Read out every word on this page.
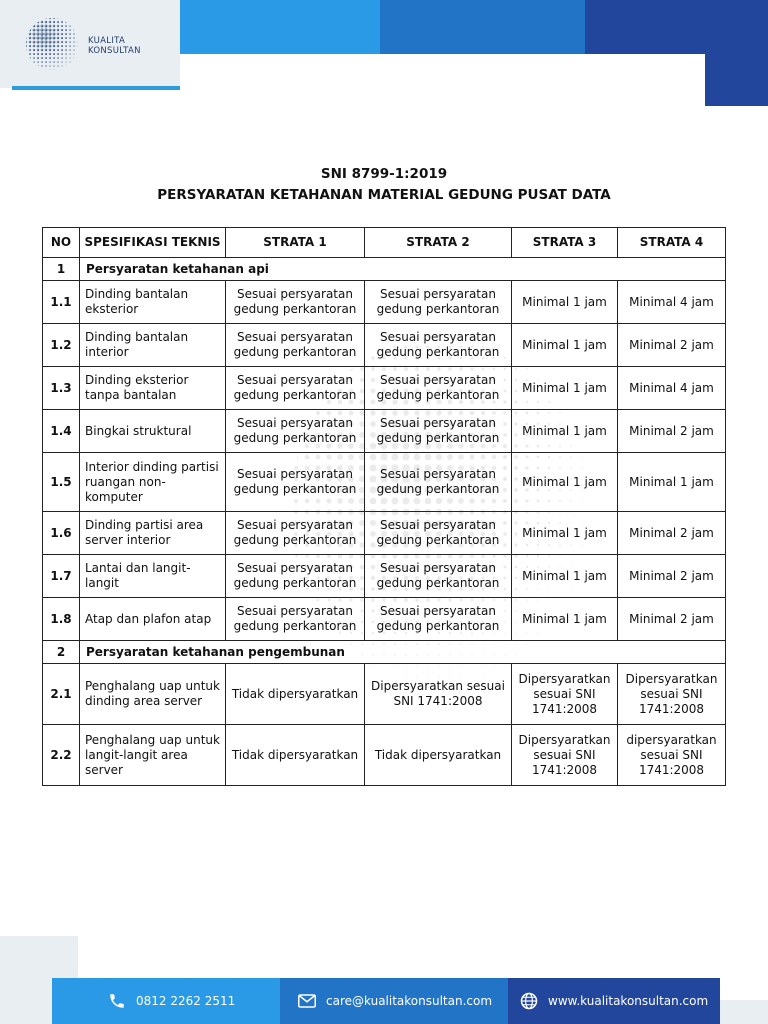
KUALITA
KONSULTAN
SNI 8799-1:2019
PERSYARATAN KETAHANAN MATERIAL GEDUNG PUSAT DATA
NO	SPESIFIKASI TEKNIS	STRATA 1	STRATA 2	STRATA 3	STRATA 4
1	Persyaratan ketahanan api				
1.1	Dinding bantalan eksterior	Sesuai persyaratan gedung perkantoran	Sesuai persyaratan gedung perkantoran	Minimal 1 jam	Minimal 4 jam
1.2	Dinding bantalan interior	Sesuai persyaratan gedung perkantoran	Sesuai persyaratan gedung perkantoran	Minimal 1 jam	Minimal 2 jam
1.3	Dinding eksterior tanpa bantalan	Sesuai persyaratan gedung perkantoran	Sesuai persyaratan gedung perkantoran	Minimal 1 jam	Minimal 4 jam
1.4	Bingkai struktural	Sesuai persyaratan gedung perkantoran	Sesuai persyaratan gedung perkantoran	Minimal 1 jam	Minimal 2 jam
1.5	Interior dinding partisi ruangan non-komputer	Sesuai persyaratan gedung perkantoran	Sesuai persyaratan gedung perkantoran	Minimal 1 jam	Minimal 1 jam
1.6	Dinding partisi area server interior	Sesuai persyaratan gedung perkantoran	Sesuai persyaratan gedung perkantoran	Minimal 1 jam	Minimal 2 jam
1.7	Lantai dan langit-langit	Sesuai persyaratan gedung perkantoran	Sesuai persyaratan gedung perkantoran	Minimal 1 jam	Minimal 2 jam
1.8	Atap dan plafon atap	Sesuai persyaratan gedung perkantoran	Sesuai persyaratan gedung perkantoran	Minimal 1 jam	Minimal 2 jam
2	Persyaratan ketahanan pengembunan				
2.1	Penghalang uap untuk dinding area server	Tidak dipersyaratkan	Dipersyaratkan sesuai SNI 1741:2008	Dipersyaratkan sesuai SNI 1741:2008	Dipersyaratkan sesuai SNI 1741:2008
2.2	Penghalang uap untuk langit-langit area server	Tidak dipersyaratkan	Tidak dipersyaratkan	Dipersyaratkan sesuai SNI 1741:2008	dipersyaratkan sesuai SNI 1741:2008
0812 2262 2511	care@kualitakonsultan.com	www.kualitakonsultan.com
